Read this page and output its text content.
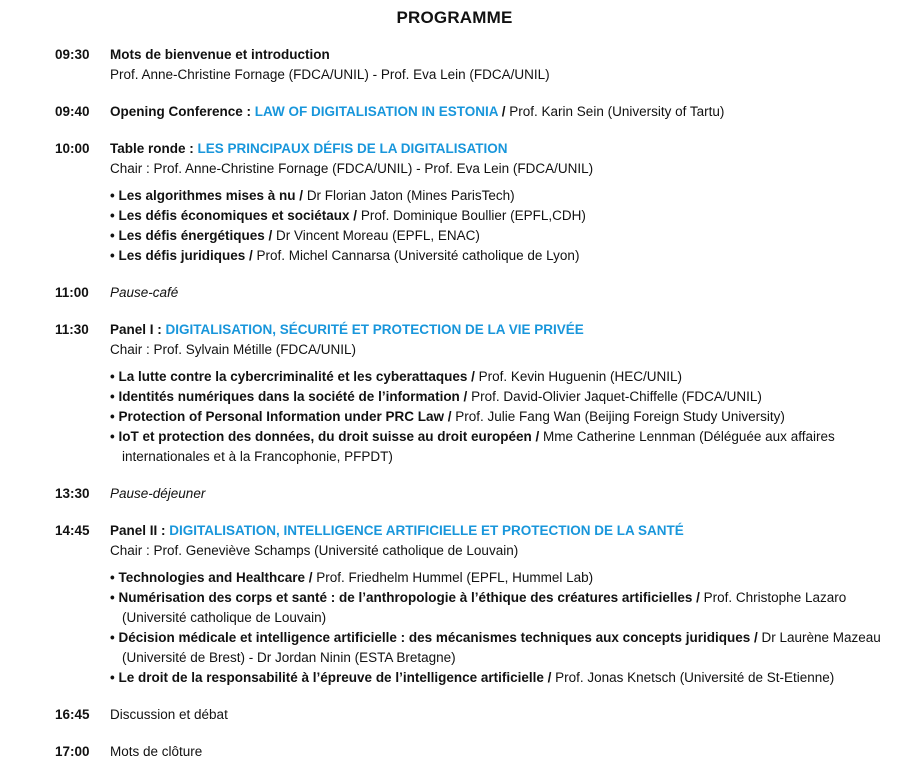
PROGRAMME
09:30	Mots de bienvenue et introduction
Prof. Anne-Christine Fornage (FDCA/UNIL) - Prof. Eva Lein (FDCA/UNIL)
09:40	Opening Conference : LAW OF DIGITALISATION IN ESTONIA / Prof. Karin Sein (University of Tartu)
10:00	Table ronde : LES PRINCIPAUX DÉFIS DE LA DIGITALISATION
Chair : Prof. Anne-Christine Fornage (FDCA/UNIL) - Prof. Eva Lein (FDCA/UNIL)
• Les algorithmes mises à nu / Dr Florian Jaton (Mines ParisTech)
• Les défis économiques et sociétaux / Prof. Dominique Boullier (EPFL,CDH)
• Les défis énergétiques / Dr Vincent Moreau (EPFL, ENAC)
• Les défis juridiques / Prof. Michel Cannarsa (Université catholique de Lyon)
11:00	Pause-café
11:30	Panel I : DIGITALISATION, SÉCURITÉ ET PROTECTION DE LA VIE PRIVÉE
Chair : Prof. Sylvain Métille (FDCA/UNIL)
• La lutte contre la cybercriminalité et les cyberattaques / Prof. Kevin Huguenin (HEC/UNIL)
• Identités numériques dans la société de l’information / Prof. David-Olivier Jaquet-Chiffelle (FDCA/UNIL)
• Protection of Personal Information under PRC Law / Prof. Julie Fang Wan (Beijing Foreign Study University)
• IoT et protection des données, du droit suisse au droit européen / Mme Catherine Lennman (Déléguée aux affaires internationales et à la Francophonie, PFPDT)
13:30	Pause-déjeuner
14:45	Panel II : DIGITALISATION, INTELLIGENCE ARTIFICIELLE ET PROTECTION DE LA SANTÉ
Chair : Prof. Geneviève Schamps (Université catholique de Louvain)
• Technologies and Healthcare / Prof. Friedhelm Hummel (EPFL, Hummel Lab)
• Numérisation des corps et santé : de l’anthropologie à l’éthique des créatures artificielles / Prof. Christophe Lazaro (Université catholique de Louvain)
• Décision médicale et intelligence artificielle : des mécanismes techniques aux concepts juridiques / Dr Laurène Mazeau (Université de Brest) - Dr Jordan Ninin (ESTA Bretagne)
• Le droit de la responsabilité à l’épreuve de l’intelligence artificielle / Prof. Jonas Knetsch (Université de St-Etienne)
16:45	Discussion et débat
17:00	Mots de clôture
